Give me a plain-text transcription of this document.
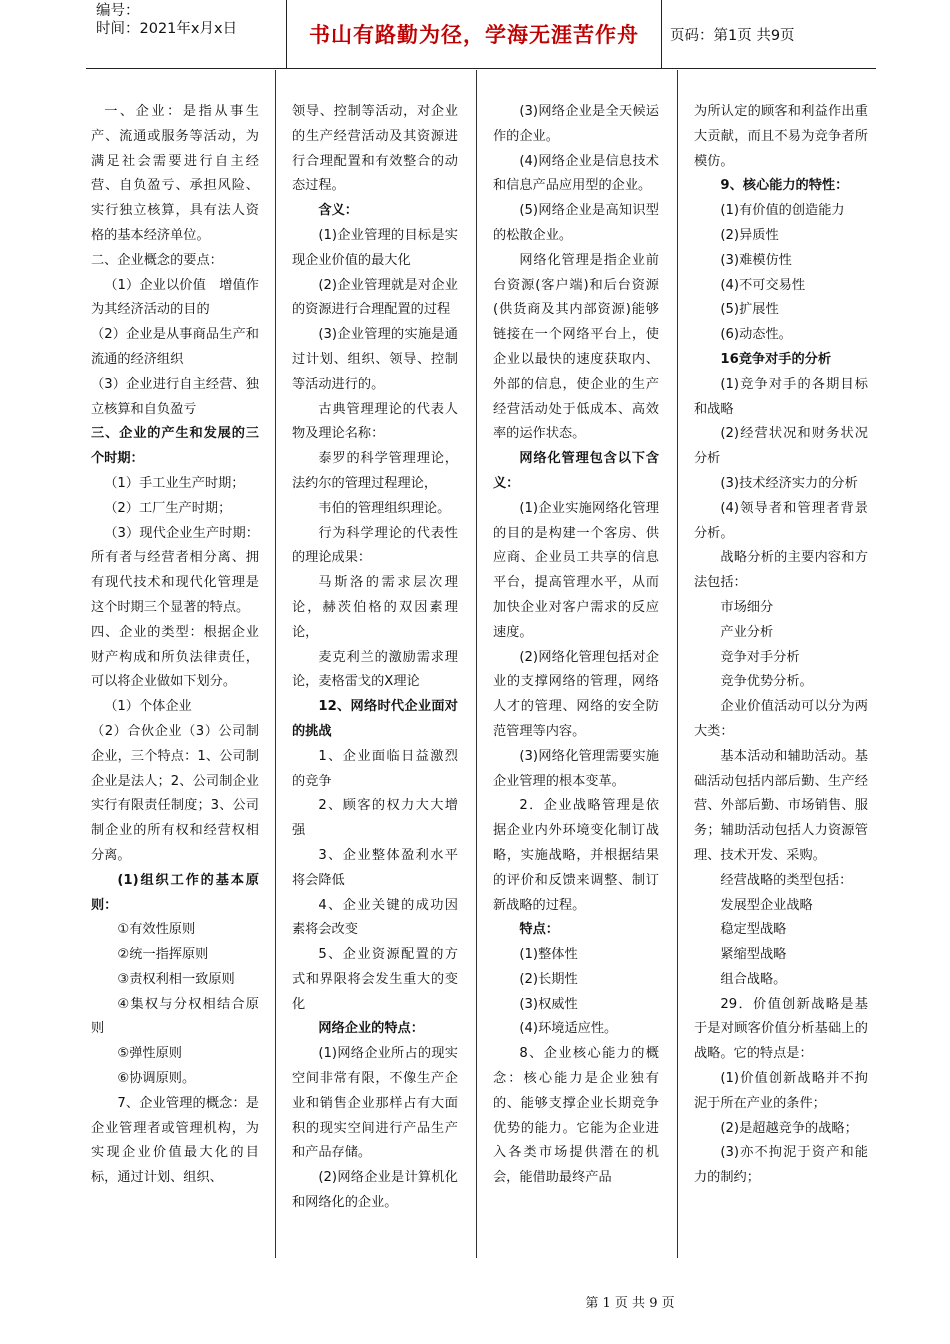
编号：
时间：2021年x月x日	书山有路勤为径，学海无涯苦作舟	页码：第1页 共9页

一、企业：是指从事生产、流通或服务等活动，为满足社会需要进行自主经营、自负盈亏、承担风险、实行独立核算，具有法人资格的基本经济单位。

二、企业概念的要点：

（1）企业以价值　增值作为其经济活动的目的

（2）企业是从事商品生产和流通的经济组织

（3）企业进行自主经营、独立核算和自负盈亏

三、企业的产生和发展的三个时期：

（1）手工业生产时期；

（2）工厂生产时期；

（3）现代企业生产时期：所有者与经营者相分离、拥有现代技术和现代化管理是这个时期三个显著的特点。

四、企业的类型：根据企业财产构成和所负法律责任，可以将企业做如下划分。

（1）个体企业

（2）合伙企业（3）公司制企业，三个特点：1、公司制企业是法人；2、公司制企业实行有限责任制度；3、公司制企业的所有权和经营权相分离。

(1)组织工作的基本原则：

①有效性原则

②统一指挥原则

③责权利相一致原则

④集权与分权相结合原则

⑤弹性原则

⑥协调原则。

7、企业管理的概念：是企业管理者或管理机构，为实现企业价值最大化的目标，通过计划、组织、

领导、控制等活动，对企业的生产经营活动及其资源进行合理配置和有效整合的动态过程。

含义：

(1)企业管理的目标是实现企业价值的最大化

(2)企业管理就是对企业的资源进行合理配置的过程

(3)企业管理的实施是通过计划、组织、领导、控制等活动进行的。

古典管理理论的代表人物及理论名称：

泰罗的科学管理理论，法约尔的管理过程理论，

韦伯的管理组织理论。

行为科学理论的代表性的理论成果：

马斯洛的需求层次理论，赫茨伯格的双因素理论，

麦克利兰的激励需求理论，麦格雷戈的X理论

12、网络时代企业面对的挑战

1、企业面临日益激烈的竞争

2、顾客的权力大大增强

3、企业整体盈利水平将会降低

4、企业关键的成功因素将会改变

5、企业资源配置的方式和界限将会发生重大的变化

网络企业的特点：

(1)网络企业所占的现实空间非常有限，不像生产企业和销售企业那样占有大面积的现实空间进行产品生产和产品存储。

(2)网络企业是计算机化和网络化的企业。

(3)网络企业是全天候运作的企业。

(4)网络企业是信息技术和信息产品应用型的企业。

(5)网络企业是高知识型的松散企业。

网络化管理是指企业前台资源(客户端)和后台资源(供货商及其内部资源)能够链接在一个网络平台上，使企业以最快的速度获取内、外部的信息，使企业的生产经营活动处于低成本、高效率的运作状态。

网络化管理包含以下含义：

(1)企业实施网络化管理的目的是构建一个客房、供应商、企业员工共享的信息平台，提高管理水平，从而加快企业对客户需求的反应速度。

(2)网络化管理包括对企业的支撑网络的管理，网络人才的管理、网络的安全防范管理等内容。

(3)网络化管理需要实施企业管理的根本变革。

2．企业战略管理是依据企业内外环境变化制订战略，实施战略，并根据结果的评价和反馈来调整、制订新战略的过程。

特点：

(1)整体性

(2)长期性

(3)权威性

(4)环境适应性。

8、企业核心能力的概念：核心能力是企业独有的、能够支撑企业长期竞争优势的能力。它能为企业进入各类市场提供潜在的机会，能借助最终产品

为所认定的顾客和利益作出重大贡献，而且不易为竞争者所模仿。

9、核心能力的特性：

(1)有价值的创造能力

(2)异质性

(3)难模仿性

(4)不可交易性

(5)扩展性

(6)动态性。

16竞争对手的分析

(1)竞争对手的各期目标和战略

(2)经营状况和财务状况分析

(3)技术经济实力的分析

(4)领导者和管理者背景分析。

战略分析的主要内容和方法包括：

市场细分

产业分析

竞争对手分析

竞争优势分析。

企业价值活动可以分为两大类：

基本活动和辅助活动。基础活动包括内部后勤、生产经营、外部后勤、市场销售、服务；辅助活动包括人力资源管理、技术开发、采购。

经营战略的类型包括：

发展型企业战略

稳定型战略

紧缩型战略

组合战略。

29．价值创新战略是基于是对顾客价值分析基础上的战略。它的特点是：

(1)价值创新战略并不拘泥于所在产业的条件；

(2)是超越竞争的战略；

(3)亦不拘泥于资产和能力的制约；

第 1 页 共 9 页
